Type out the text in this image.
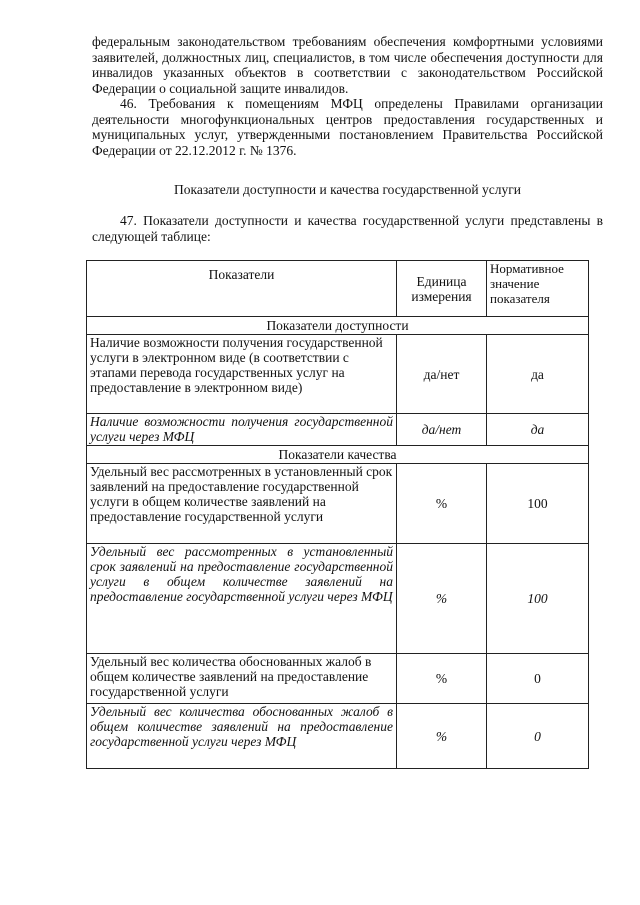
федеральным законодательством требованиям обеспечения комфортными условиями заявителей, должностных лиц, специалистов, в том числе обеспечения доступности для инвалидов указанных объектов в соответствии с законодательством Российской Федерации о социальной защите инвалидов.

46. Требования к помещениям МФЦ определены Правилами организации деятельности многофункциональных центров предоставления государственных и муниципальных услуг, утвержденными постановлением Правительства Российской Федерации от 22.12.2012 г. № 1376.

Показатели доступности и качества государственной услуги

47. Показатели доступности и качества государственной услуги представлены в следующей таблице:

Показатели	Единица измерения	Нормативное значение показателя
Показатели доступности		
Наличие возможности получения государственной услуги в электронном виде (в соответствии с этапами перевода государственных услуг на предоставление в электронном виде)	да/нет	да
Наличие возможности получения государственной услуги через МФЦ	да/нет	да
Показатели качества		
Удельный вес рассмотренных в установленный срок заявлений на предоставление государственной услуги в общем количестве заявлений на предоставление государственной услуги	%	100
Удельный вес рассмотренных в установленный срок заявлений на предоставление государственной услуги в общем количестве заявлений на предоставление государственной услуги через МФЦ	%	100
Удельный вес количества обоснованных жалоб в общем количестве заявлений на предоставление государственной услуги	%	0
Удельный вес количества обоснованных жалоб в общем количестве заявлений на предоставление государственной услуги через МФЦ	%	0
